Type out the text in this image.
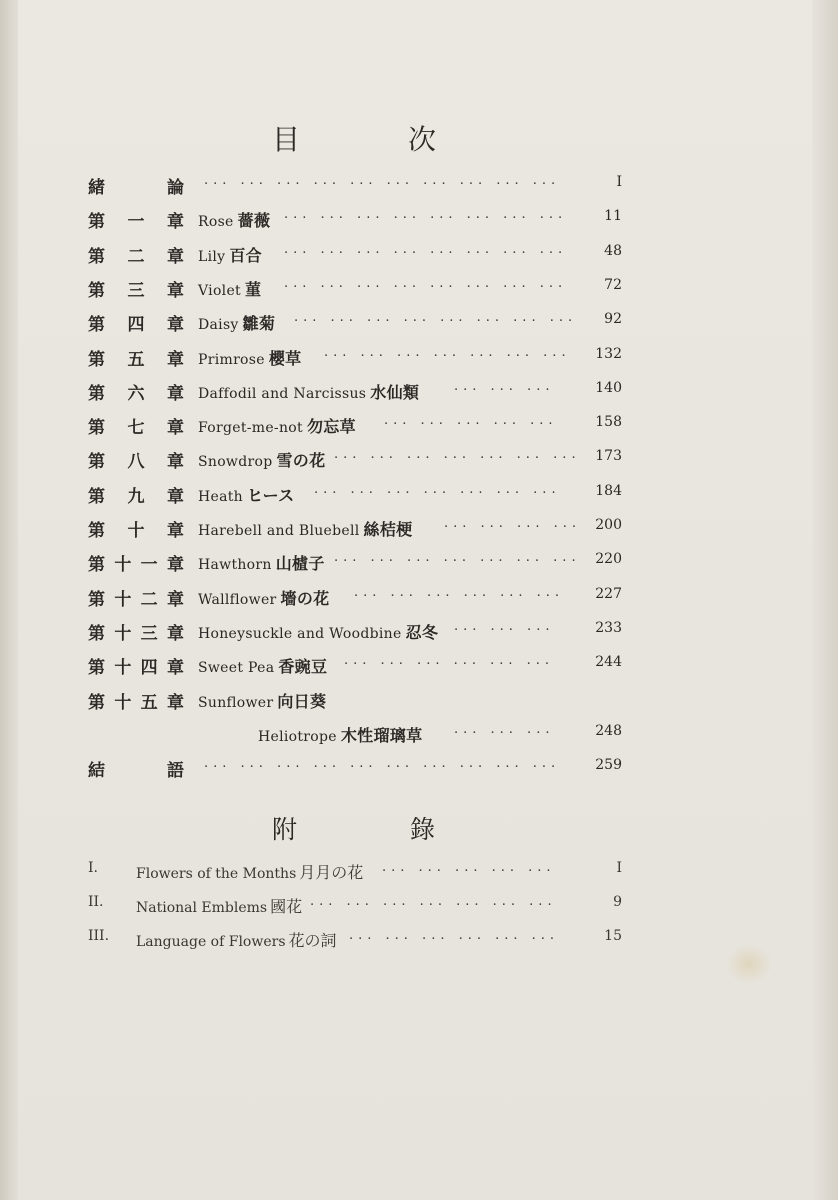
目	次
緒	論 ... ... ... ... ... ... ... ... ... ...	I
第 一 章 Rose 薔薇 ... ... ... ... ... ... ... ...	11
第 二 章 Lily 百合 ... ... ... ... ... ... ... ...	48
第 三 章 Violet 菫 ... ... ... ... ... ... ... ...	72
第 四 章 Daisy 雛菊 ... ... ... ... ... ... ... ... 92
第 五 章 Primrose 櫻草 ... ... ... ... ... ... ... 132
第 六 章 Daffodil and Narcissus 水仙類	... ... ...	140
第 七 章 Forget-me-not 勿忘草 ... ... ... ... ...	158
第 八 章 Snowdrop 雪の花 ... ... ... ... ... ... ... 173
第 九 章 Heath ヒース ... ... ... ... ... ... ... 184
第 十 章 Harebell and Bluebell 絲桔梗 ... ... ... ... 200
第 十 一 章 Hawthorn 山樝子 ... ... ... ... ... ... ... 220
第 十 二 章 Wallflower 墻の花 ... ... ... ... ... ... 227
第 十 三 章 Honeysuckle and Woodbine 忍冬 ... ... ...	233
第 十 四 章 Sweet Pea 香豌豆 ... ... ... ... ... ...	244
第 十 五 章 Sunflower 向日葵
Heliotrope 木性瑠璃草 ... ... ...	248
結	語 ... ... ... ... ... ... ... ... ... ...	259
附	錄
I.	Flowers of the Months 月月の花 ... ... ... ... ...	I
II. National Emblems 國花 ... ... ... ... ... ... ...	9
III. Language of Flowers 花の詞 ... ... ... ... ... ...	15
